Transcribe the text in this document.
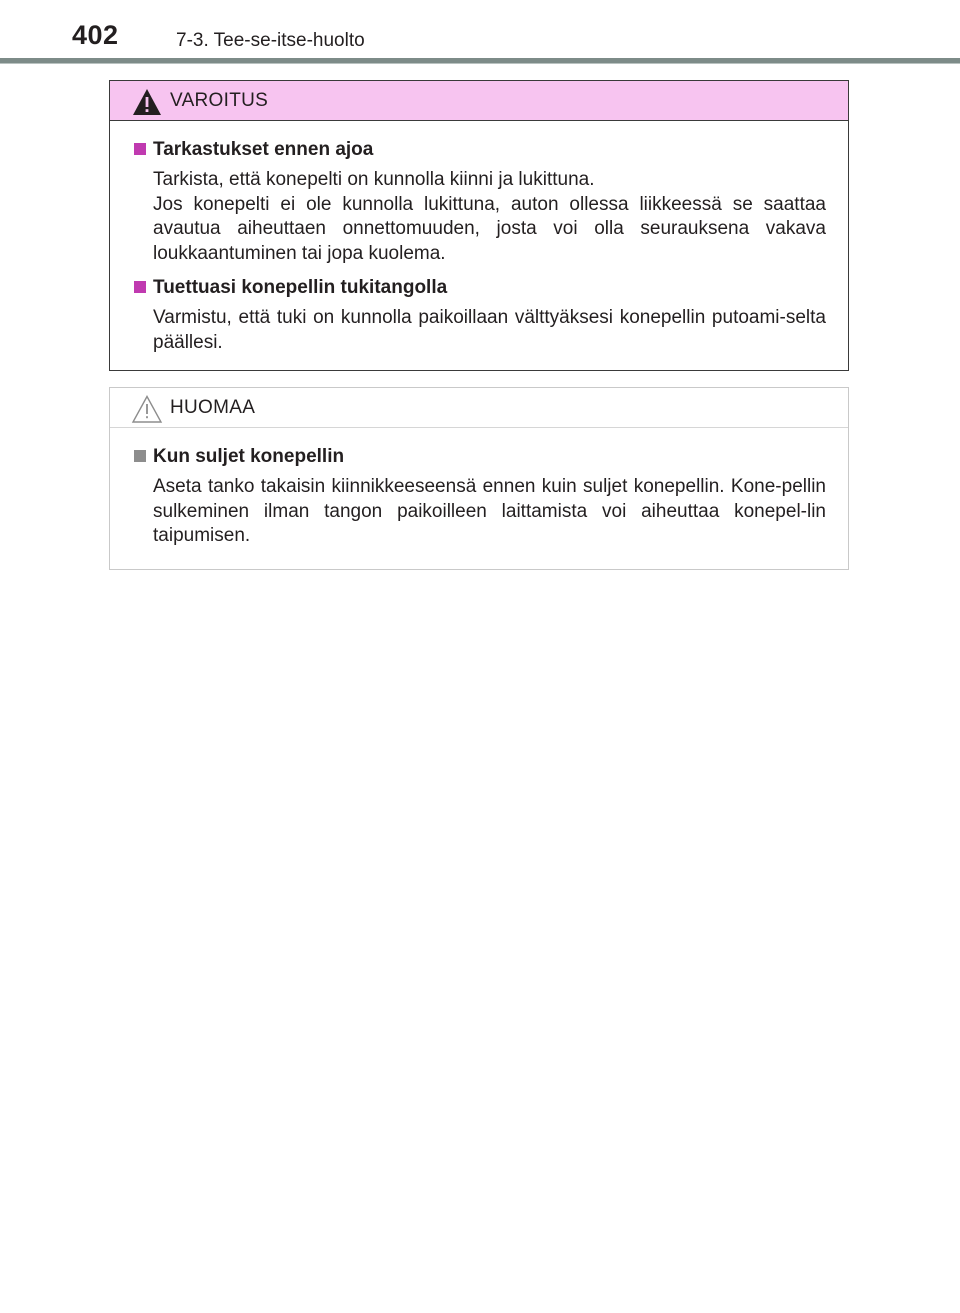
402	7-3. Tee-se-itse-huolto
VAROITUS
Tarkastukset ennen ajoa
Tarkista, että konepelti on kunnolla kiinni ja lukittuna.
Jos konepelti ei ole kunnolla lukittuna, auton ollessa liikkeessä se saattaa avautua aiheuttaen onnettomuuden, josta voi olla seurauksena vakava loukkaantuminen tai jopa kuolema.
Tuettuasi konepellin tukitangolla
Varmistu, että tuki on kunnolla paikoillaan välttyäksesi konepellin putoami-selta päällesi.
HUOMAA
Kun suljet konepellin
Aseta tanko takaisin kiinnikkeeseensä ennen kuin suljet konepellin. Kone-pellin sulkeminen ilman tangon paikoilleen laittamista voi aiheuttaa konepel-lin taipumisen.
